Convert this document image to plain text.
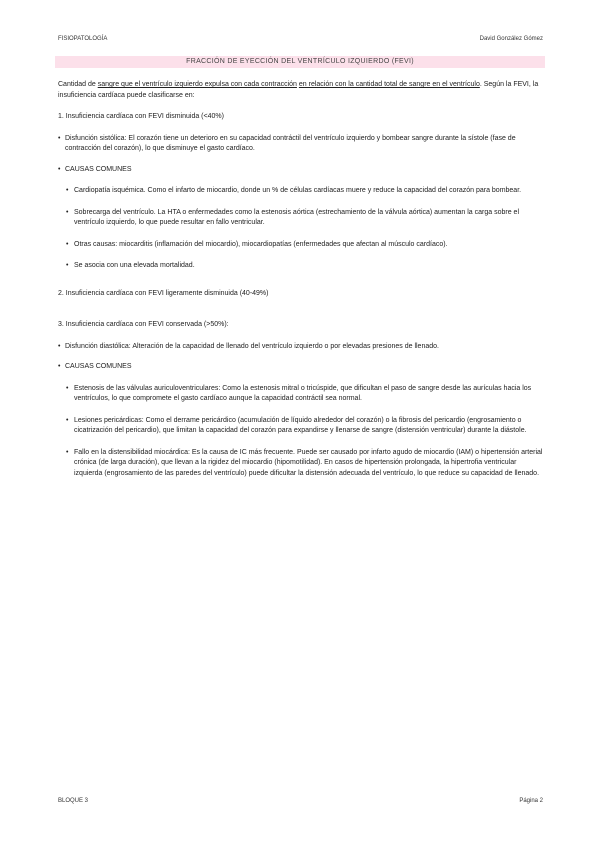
FISIOPATOLOGÍA	David González Gómez
FRACCIÓN DE EYECCIÓN DEL VENTRÍCULO IZQUIERDO (FEVI)

Cantidad de sangre que el ventrículo izquierdo expulsa con cada contracción en relación con la cantidad total de sangre en el ventrículo. Según la FEVI, la insuficiencia cardíaca puede clasificarse en:

1. Insuficiencia cardíaca con FEVI disminuida (<40%)

• Disfunción sistólica: El corazón tiene un deterioro en su capacidad contráctil del ventrículo izquierdo y bombear sangre durante la sístole (fase de contracción del corazón), lo que disminuye el gasto cardíaco.

• CAUSAS COMUNES

• Cardiopatía isquémica. Como el infarto de miocardio, donde un % de células cardíacas muere y reduce la capacidad del corazón para bombear.

• Sobrecarga del ventrículo. La HTA o enfermedades como la estenosis aórtica (estrechamiento de la válvula aórtica) aumentan la carga sobre el ventrículo izquierdo, lo que puede resultar en fallo ventricular.

• Otras causas: miocarditis (inflamación del miocardio), miocardiopatías (enfermedades que afectan al músculo cardíaco).

• Se asocia con una elevada mortalidad.

2. Insuficiencia cardíaca con FEVI ligeramente disminuida (40-49%)

3. Insuficiencia cardíaca con FEVI conservada (>50%):

• Disfunción diastólica: Alteración de la capacidad de llenado del ventrículo izquierdo o por elevadas presiones de llenado.

• CAUSAS COMUNES

• Estenosis de las válvulas auriculoventriculares: Como la estenosis mitral o tricúspide, que dificultan el paso de sangre desde las aurículas hacia los ventrículos, lo que compromete el gasto cardíaco aunque la capacidad contráctil sea normal.

• Lesiones pericárdicas: Como el derrame pericárdico (acumulación de líquido alrededor del corazón) o la fibrosis del pericardio (engrosamiento o cicatrización del pericardio), que limitan la capacidad del corazón para expandirse y llenarse de sangre (distensión ventricular) durante la diástole.

• Fallo en la distensibilidad miocárdica: Es la causa de IC más frecuente. Puede ser causado por infarto agudo de miocardio (IAM) o hipertensión arterial crónica (de larga duración), que llevan a la rigidez del miocardio (hipomotilidad). En casos de hipertensión prolongada, la hipertrofia ventricular izquierda (engrosamiento de las paredes del ventrículo) puede dificultar la distensión adecuada del ventrículo, lo que reduce su capacidad de llenado.

BLOQUE 3	Página 2
